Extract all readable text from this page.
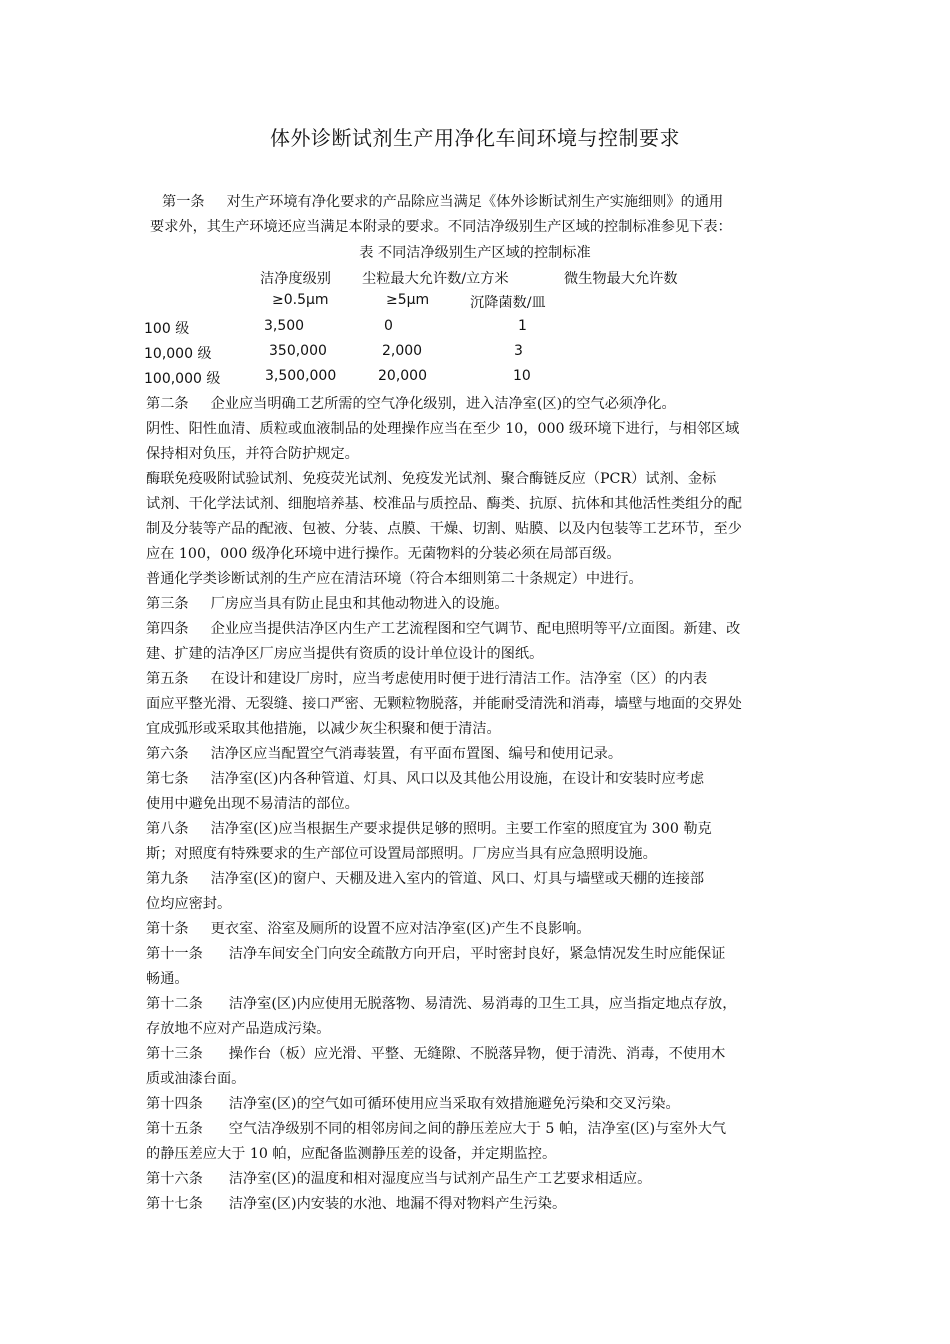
体外诊断试剂生产用净化车间环境与控制要求
第一条 对生产环境有净化要求的产品除应当满足《体外诊断试剂生产实施细则》的通用
要求外，其生产环境还应当满足本附录的要求。不同洁净级别生产区域的控制标准参见下表：
表 不同洁净级别生产区域的控制标准
洁净度级别 尘粒最大允许数/立方米	微生物最大允许数
≥0.5μm	≥5μm	沉降菌数/皿
100 级	3,500	0	1
10,000 级	350,000	2,000	3
100,000 级	3,500,000	20,000	10
第二条 企业应当明确工艺所需的空气净化级别，进入洁净室(区)的空气必须净化。
阴性、阳性血清、质粒或血液制品的处理操作应当在至少 10，000 级环境下进行，与相邻区域
保持相对负压，并符合防护规定。
酶联免疫吸附试验试剂、免疫荧光试剂、免疫发光试剂、聚合酶链反应（PCR）试剂、金标
试剂、干化学法试剂、细胞培养基、校准品与质控品、酶类、抗原、抗体和其他活性类组分的配
制及分装等产品的配液、包被、分装、点膜、干燥、切割、贴膜、以及内包装等工艺环节，至少
应在 100，000 级净化环境中进行操作。无菌物料的分装必须在局部百级。
普通化学类诊断试剂的生产应在清洁环境（符合本细则第二十条规定）中进行。
第三条 厂房应当具有防止昆虫和其他动物进入的设施。
第四条 企业应当提供洁净区内生产工艺流程图和空气调节、配电照明等平/立面图。新建、改
建、扩建的洁净区厂房应当提供有资质的设计单位设计的图纸。
第五条 在设计和建设厂房时，应当考虑使用时便于进行清洁工作。洁净室（区）的内表
面应平整光滑、无裂缝、接口严密、无颗粒物脱落，并能耐受清洗和消毒，墙壁与地面的交界处
宜成弧形或采取其他措施，以减少灰尘积聚和便于清洁。
第六条 洁净区应当配置空气消毒装置，有平面布置图、编号和使用记录。
第七条 洁净室(区)内各种管道、灯具、风口以及其他公用设施，在设计和安装时应考虑
使用中避免出现不易清洁的部位。
第八条 洁净室(区)应当根据生产要求提供足够的照明。主要工作室的照度宜为 300 勒克
斯；对照度有特殊要求的生产部位可设置局部照明。厂房应当具有应急照明设施。
第九条 洁净室(区)的窗户、天棚及进入室内的管道、风口、灯具与墙壁或天棚的连接部
位均应密封。
第十条 更衣室、浴室及厕所的设置不应对洁净室(区)产生不良影响。
第十一条 洁净车间安全门向安全疏散方向开启，平时密封良好，紧急情况发生时应能保证
畅通。
第十二条 洁净室(区)内应使用无脱落物、易清洗、易消毒的卫生工具，应当指定地点存放，
存放地不应对产品造成污染。
第十三条 操作台（板）应光滑、平整、无缝隙、不脱落异物，便于清洗、消毒，不使用木
质或油漆台面。
第十四条 洁净室(区)的空气如可循环使用应当采取有效措施避免污染和交叉污染。
第十五条 空气洁净级别不同的相邻房间之间的静压差应大于 5 帕，洁净室(区)与室外大气
的静压差应大于 10 帕，应配备监测静压差的设备，并定期监控。
第十六条 洁净室(区)的温度和相对湿度应当与试剂产品生产工艺要求相适应。
第十七条 洁净室(区)内安装的水池、地漏不得对物料产生污染。
